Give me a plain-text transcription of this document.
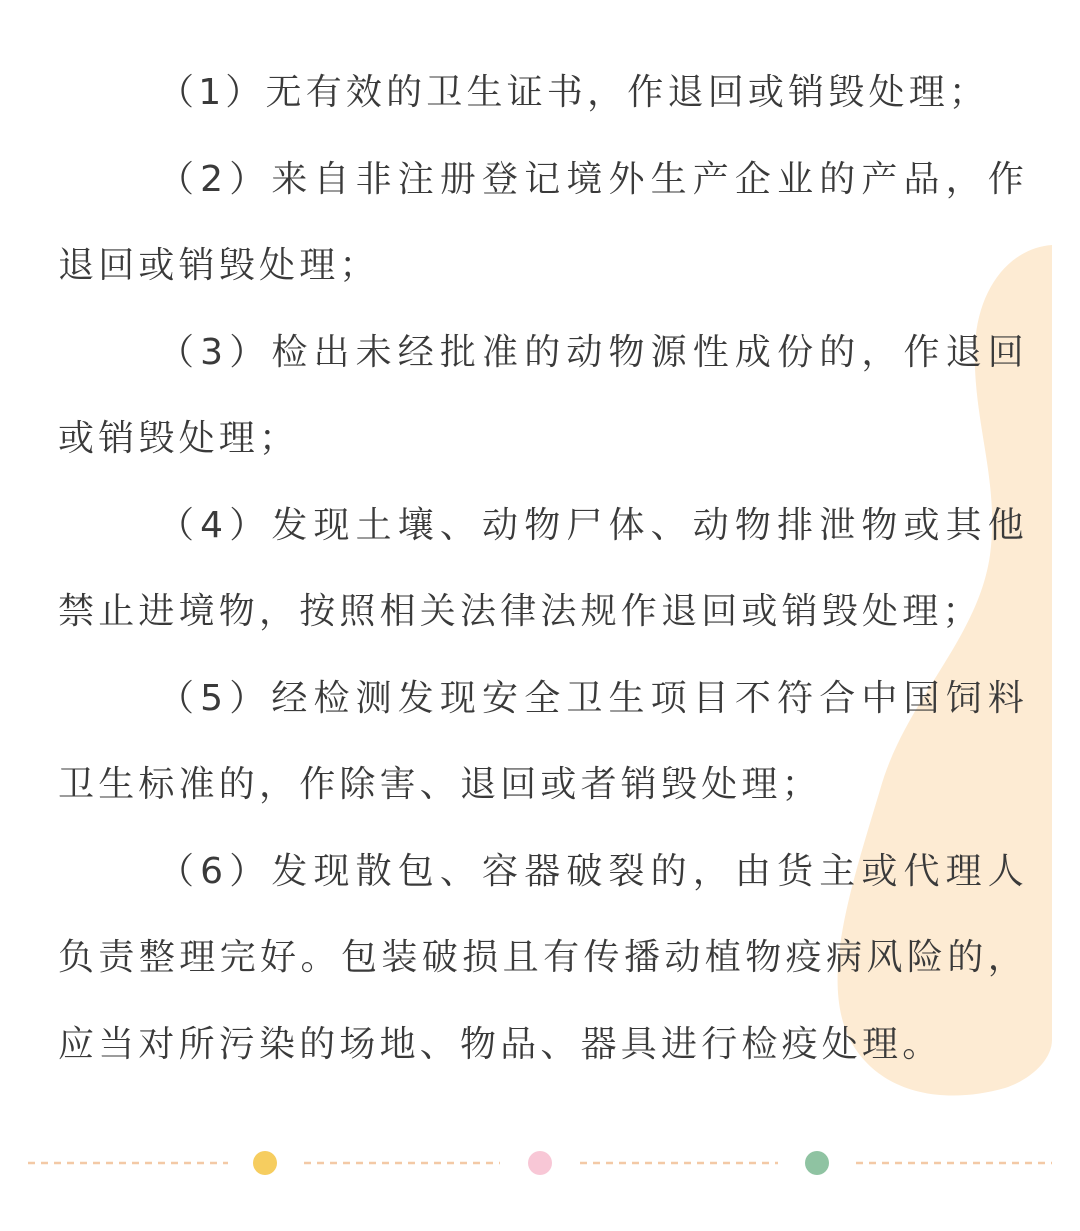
（1）无有效的卫生证书，作退回或销毁处理；

（2）来自非注册登记境外生产企业的产品，作退回或销毁处理；

（3）检出未经批准的动物源性成份的，作退回或销毁处理；

（4）发现土壤、动物尸体、动物排泄物或其他禁止进境物，按照相关法律法规作退回或销毁处理；

（5）经检测发现安全卫生项目不符合中国饲料卫生标准的，作除害、退回或者销毁处理；

（6）发现散包、容器破裂的，由货主或代理人负责整理完好。包装破损且有传播动植物疫病风险的，应当对所污染的场地、物品、器具进行检疫处理。
